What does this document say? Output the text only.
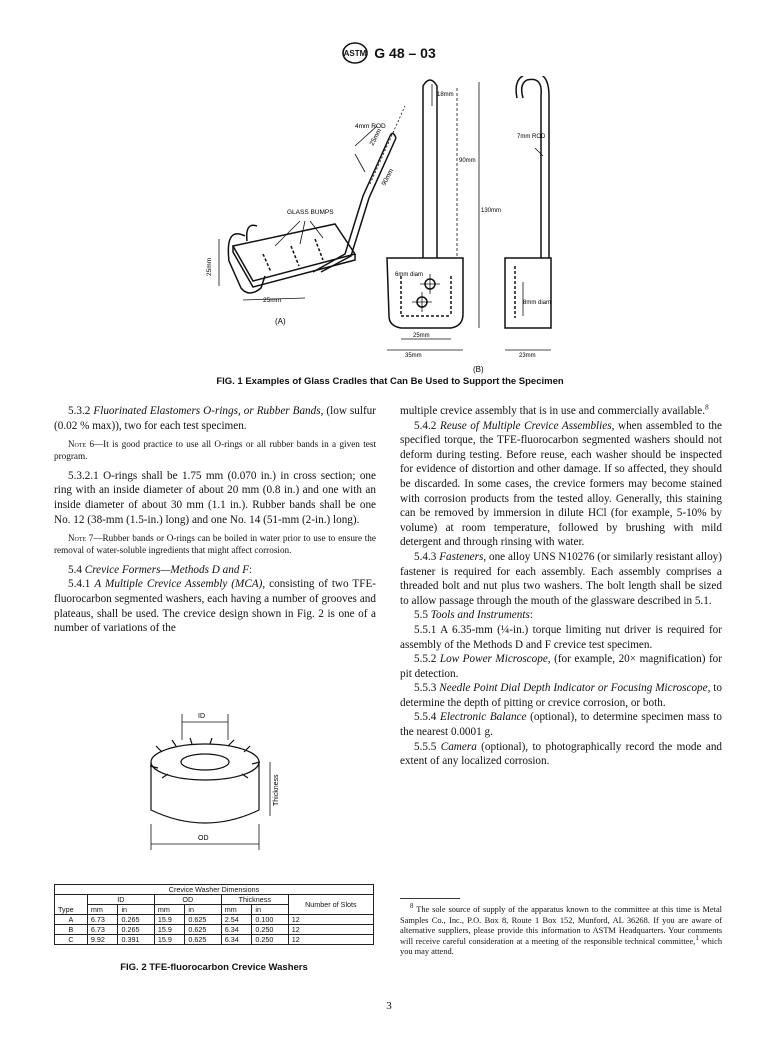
ASTM G 48 – 03
4mm ROD
GLASS BUMPS
25mm
25mm
25mm
90mm
(A)
18mm
90mm
130mm
7mm ROD
6mm diam
8mm diam
25mm
35mm	23mm
(B)
FIG. 1 Examples of Glass Cradles that Can Be Used to Support the Specimen

5.3.2 Fluorinated Elastomers O-rings, or Rubber Bands, (low sulfur (0.02 % max)), two for each test specimen.

Note 6—It is good practice to use all O-rings or all rubber bands in a given test program.

5.3.2.1 O-rings shall be 1.75 mm (0.070 in.) in cross section; one ring with an inside diameter of about 20 mm (0.8 in.) and one with an inside diameter of about 30 mm (1.1 in.). Rubber bands shall be one No. 12 (38-mm (1.5-in.) long) and one No. 14 (51-mm (2-in.) long).

Note 7—Rubber bands or O-rings can be boiled in water prior to use to ensure the removal of water-soluble ingredients that might affect corrosion.

5.4 Crevice Formers—Methods D and F:

5.4.1 A Multiple Crevice Assembly (MCA), consisting of two TFE-fluorocarbon segmented washers, each having a number of grooves and plateaus, shall be used. The crevice design shown in Fig. 2 is one of a number of variations of the

ID
OD
Thickness
Crevice Washer Dimensions							
	ID		OD		Thickness		Number of Slots
Type	mm	in	mm	in	mm	in	
A	6.73	0.265	15.9	0.625	2.54	0.100	12
B	6.73	0.265	15.9	0.625	6.34	0.250	12
C	9.92	0.391	15.9	0.625	6.34	0.250	12
FIG. 2 TFE-fluorocarbon Crevice Washers

multiple crevice assembly that is in use and commercially available.$^8$

5.4.2 Reuse of Multiple Crevice Assemblies, when assembled to the specified torque, the TFE-fluorocarbon segmented washers should not deform during testing. Before reuse, each washer should be inspected for evidence of distortion and other damage. If so affected, they should be discarded. In some cases, the crevice formers may become stained with corrosion products from the tested alloy. Generally, this staining can be removed by immersion in dilute HCl (for example, 5-10% by volume) at room temperature, followed by brushing with mild detergent and through rinsing with water.

5.4.3 Fasteners, one alloy UNS N10276 (or similarly resistant alloy) fastener is required for each assembly. Each assembly comprises a threaded bolt and nut plus two washers. The bolt length shall be sized to allow passage through the mouth of the glassware described in 5.1.

5.5 Tools and Instruments:

5.5.1 A 6.35-mm (¼-in.) torque limiting nut driver is required for assembly of the Methods D and F crevice test specimen.

5.5.2 Low Power Microscope, (for example, 20× magnification) for pit detection.

5.5.3 Needle Point Dial Depth Indicator or Focusing Microscope, to determine the depth of pitting or crevice corrosion, or both.

5.5.4 Electronic Balance (optional), to determine specimen mass to the nearest 0.0001 g.

5.5.5 Camera (optional), to photographically record the mode and extent of any localized corrosion.

$^8$ The sole source of supply of the apparatus known to the committee at this time is Metal Samples Co., Inc., P.O. Box 8, Route 1 Box 152, Munford, AL 36268. If you are aware of alternative suppliers, please provide this information to ASTM Headquarters. Your comments will receive careful consideration at a meeting of the responsible technical committee,$^1$ which you may attend.
3
